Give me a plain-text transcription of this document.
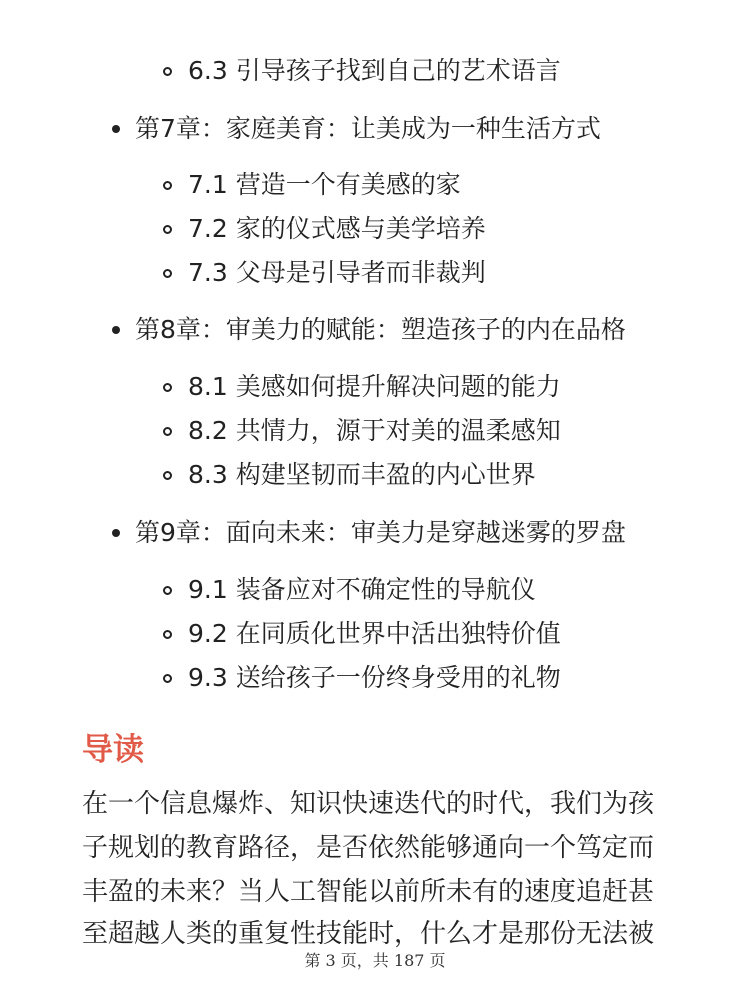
6.3 引导孩子找到自己的艺术语言
第7章：家庭美育：让美成为一种生活方式
7.1 营造一个有美感的家
7.2 家的仪式感与美学培养
7.3 父母是引导者而非裁判
第8章：审美力的赋能：塑造孩子的内在品格
8.1 美感如何提升解决问题的能力
8.2 共情力，源于对美的温柔感知
8.3 构建坚韧而丰盈的内心世界
第9章：面向未来：审美力是穿越迷雾的罗盘
9.1 装备应对不确定性的导航仪
9.2 在同质化世界中活出独特价值
9.3 送给孩子一份终身受用的礼物
导读
在一个信息爆炸、知识快速迭代的时代，我们为孩
子规划的教育路径，是否依然能够通向一个笃定而
丰盈的未来？当人工智能以前所未有的速度追赶甚
至超越人类的重复性技能时，什么才是那份无法被
第 3 页，共 187 页
